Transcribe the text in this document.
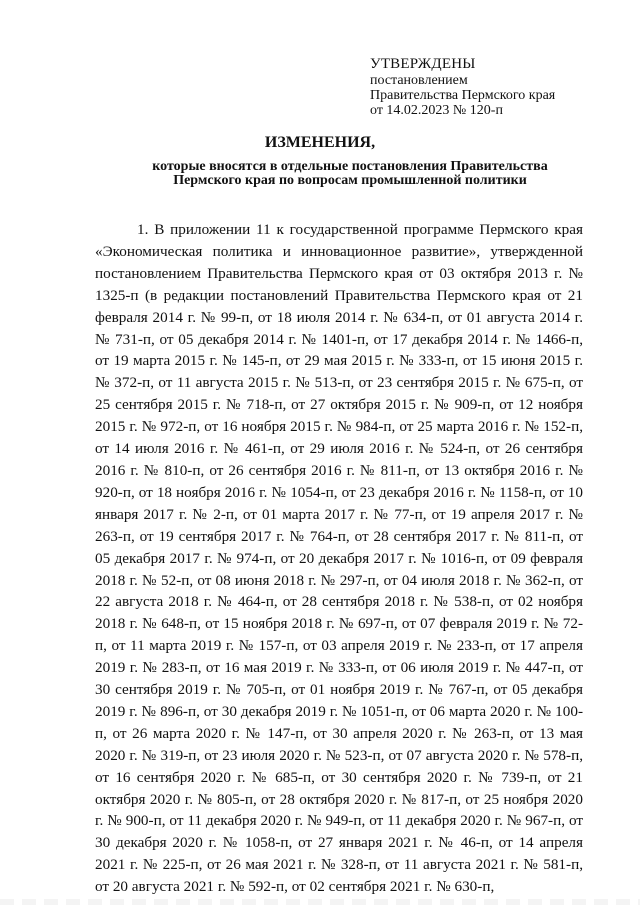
УТВЕРЖДЕНЫ
постановлением
Правительства Пермского края
от 14.02.2023 № 120-п
ИЗМЕНЕНИЯ,
которые вносятся в отдельные постановления Правительства
Пермского края по вопросам промышленной политики

1. В приложении 11 к государственной программе Пермского края «Экономическая политика и инновационное развитие», утвержденной постановлением Правительства Пермского края от 03 октября 2013 г. № 1325-п (в редакции постановлений Правительства Пермского края от 21 февраля 2014 г. № 99-п, от 18 июля 2014 г. № 634-п, от 01 августа 2014 г. № 731-п, от 05 декабря 2014 г. № 1401-п, от 17 декабря 2014 г. № 1466-п, от 19 марта 2015 г. № 145-п, от 29 мая 2015 г. № 333-п, от 15 июня 2015 г. № 372-п, от 11 августа 2015 г. № 513-п, от 23 сентября 2015 г. № 675-п, от 25 сентября 2015 г. № 718-п, от 27 октября 2015 г. № 909-п, от 12 ноября 2015 г. № 972-п, от 16 ноября 2015 г. № 984-п, от 25 марта 2016 г. № 152-п, от 14 июля 2016 г. № 461-п, от 29 июля 2016 г. № 524-п, от 26 сентября 2016 г. № 810-п, от 26 сентября 2016 г. № 811-п, от 13 октября 2016 г. № 920-п, от 18 ноября 2016 г. № 1054-п, от 23 декабря 2016 г. № 1158-п, от 10 января 2017 г. № 2-п, от 01 марта 2017 г. № 77-п, от 19 апреля 2017 г. № 263-п, от 19 сентября 2017 г. № 764-п, от 28 сентября 2017 г. № 811-п, от 05 декабря 2017 г. № 974-п, от 20 декабря 2017 г. № 1016-п, от 09 февраля 2018 г. № 52-п, от 08 июня 2018 г. № 297-п, от 04 июля 2018 г. № 362-п, от 22 августа 2018 г. № 464-п, от 28 сентября 2018 г. № 538-п, от 02 ноября 2018 г. № 648-п, от 15 ноября 2018 г. № 697-п, от 07 февраля 2019 г. № 72-п, от 11 марта 2019 г. № 157-п, от 03 апреля 2019 г. № 233-п, от 17 апреля 2019 г. № 283-п, от 16 мая 2019 г. № 333-п, от 06 июля 2019 г. № 447-п, от 30 сентября 2019 г. № 705-п, от 01 ноября 2019 г. № 767-п, от 05 декабря 2019 г. № 896-п, от 30 декабря 2019 г. № 1051-п, от 06 марта 2020 г. № 100-п, от 26 марта 2020 г. № 147-п, от 30 апреля 2020 г. № 263-п, от 13 мая 2020 г. № 319-п, от 23 июля 2020 г. № 523-п, от 07 августа 2020 г. № 578-п, от 16 сентября 2020 г. № 685-п, от 30 сентября 2020 г. № 739-п, от 21 октября 2020 г. № 805-п, от 28 октября 2020 г. № 817-п, от 25 ноября 2020 г. № 900-п, от 11 декабря 2020 г. № 949-п, от 11 декабря 2020 г. № 967-п, от 30 декабря 2020 г. № 1058-п, от 27 января 2021 г. № 46-п, от 14 апреля 2021 г. № 225-п, от 26 мая 2021 г. № 328-п, от 11 августа 2021 г. № 581-п, от 20 августа 2021 г. № 592-п, от 02 сентября 2021 г. № 630-п,
